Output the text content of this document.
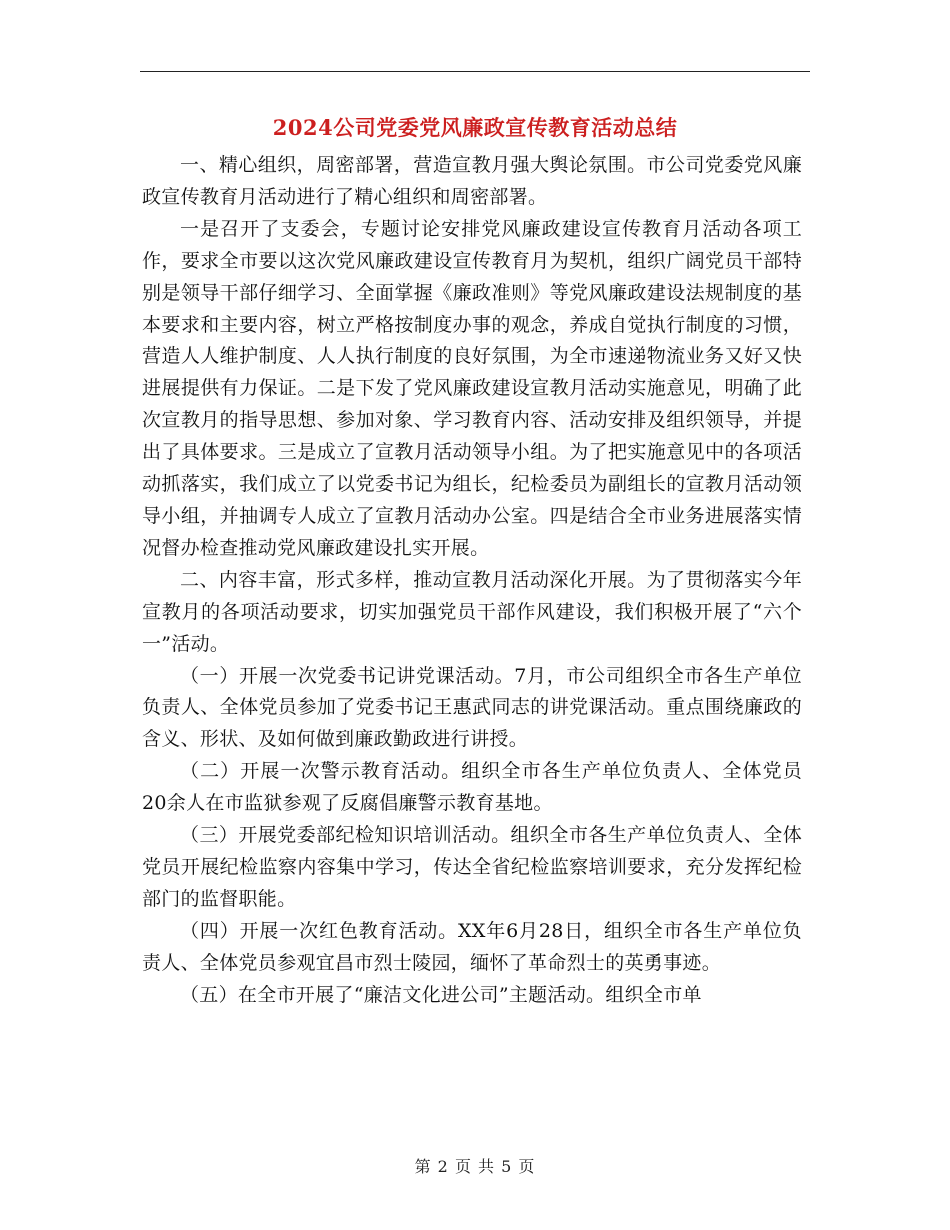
2024公司党委党风廉政宣传教育活动总结

一、精心组织，周密部署，营造宣教月强大舆论氛围。市公司党委党风廉政宣传教育月活动进行了精心组织和周密部署。

一是召开了支委会，专题讨论安排党风廉政建设宣传教育月活动各项工作，要求全市要以这次党风廉政建设宣传教育月为契机，组织广阔党员干部特别是领导干部仔细学习、全面掌握《廉政准则》等党风廉政建设法规制度的基本要求和主要内容，树立严格按制度办事的观念，养成自觉执行制度的习惯，营造人人维护制度、人人执行制度的良好氛围，为全市速递物流业务又好又快进展提供有力保证。二是下发了党风廉政建设宣教月活动实施意见，明确了此次宣教月的指导思想、参加对象、学习教育内容、活动安排及组织领导，并提出了具体要求。三是成立了宣教月活动领导小组。为了把实施意见中的各项活动抓落实，我们成立了以党委书记为组长，纪检委员为副组长的宣教月活动领导小组，并抽调专人成立了宣教月活动办公室。四是结合全市业务进展落实情况督办检查推动党风廉政建设扎实开展。

二、内容丰富，形式多样，推动宣教月活动深化开展。为了贯彻落实今年宣教月的各项活动要求，切实加强党员干部作风建设，我们积极开展了“六个一”活动。

（一）开展一次党委书记讲党课活动。7月，市公司组织全市各生产单位负责人、全体党员参加了党委书记王惠武同志的讲党课活动。重点围绕廉政的含义、形状、及如何做到廉政勤政进行讲授。

（二）开展一次警示教育活动。组织全市各生产单位负责人、全体党员20余人在市监狱参观了反腐倡廉警示教育基地。

（三）开展党委部纪检知识培训活动。组织全市各生产单位负责人、全体党员开展纪检监察内容集中学习，传达全省纪检监察培训要求，充分发挥纪检部门的监督职能。

（四）开展一次红色教育活动。XX年6月28日，组织全市各生产单位负责人、全体党员参观宜昌市烈士陵园，缅怀了革命烈士的英勇事迹。

（五）在全市开展了“廉洁文化进公司”主题活动。组织全市单

第 2 页 共 5 页
